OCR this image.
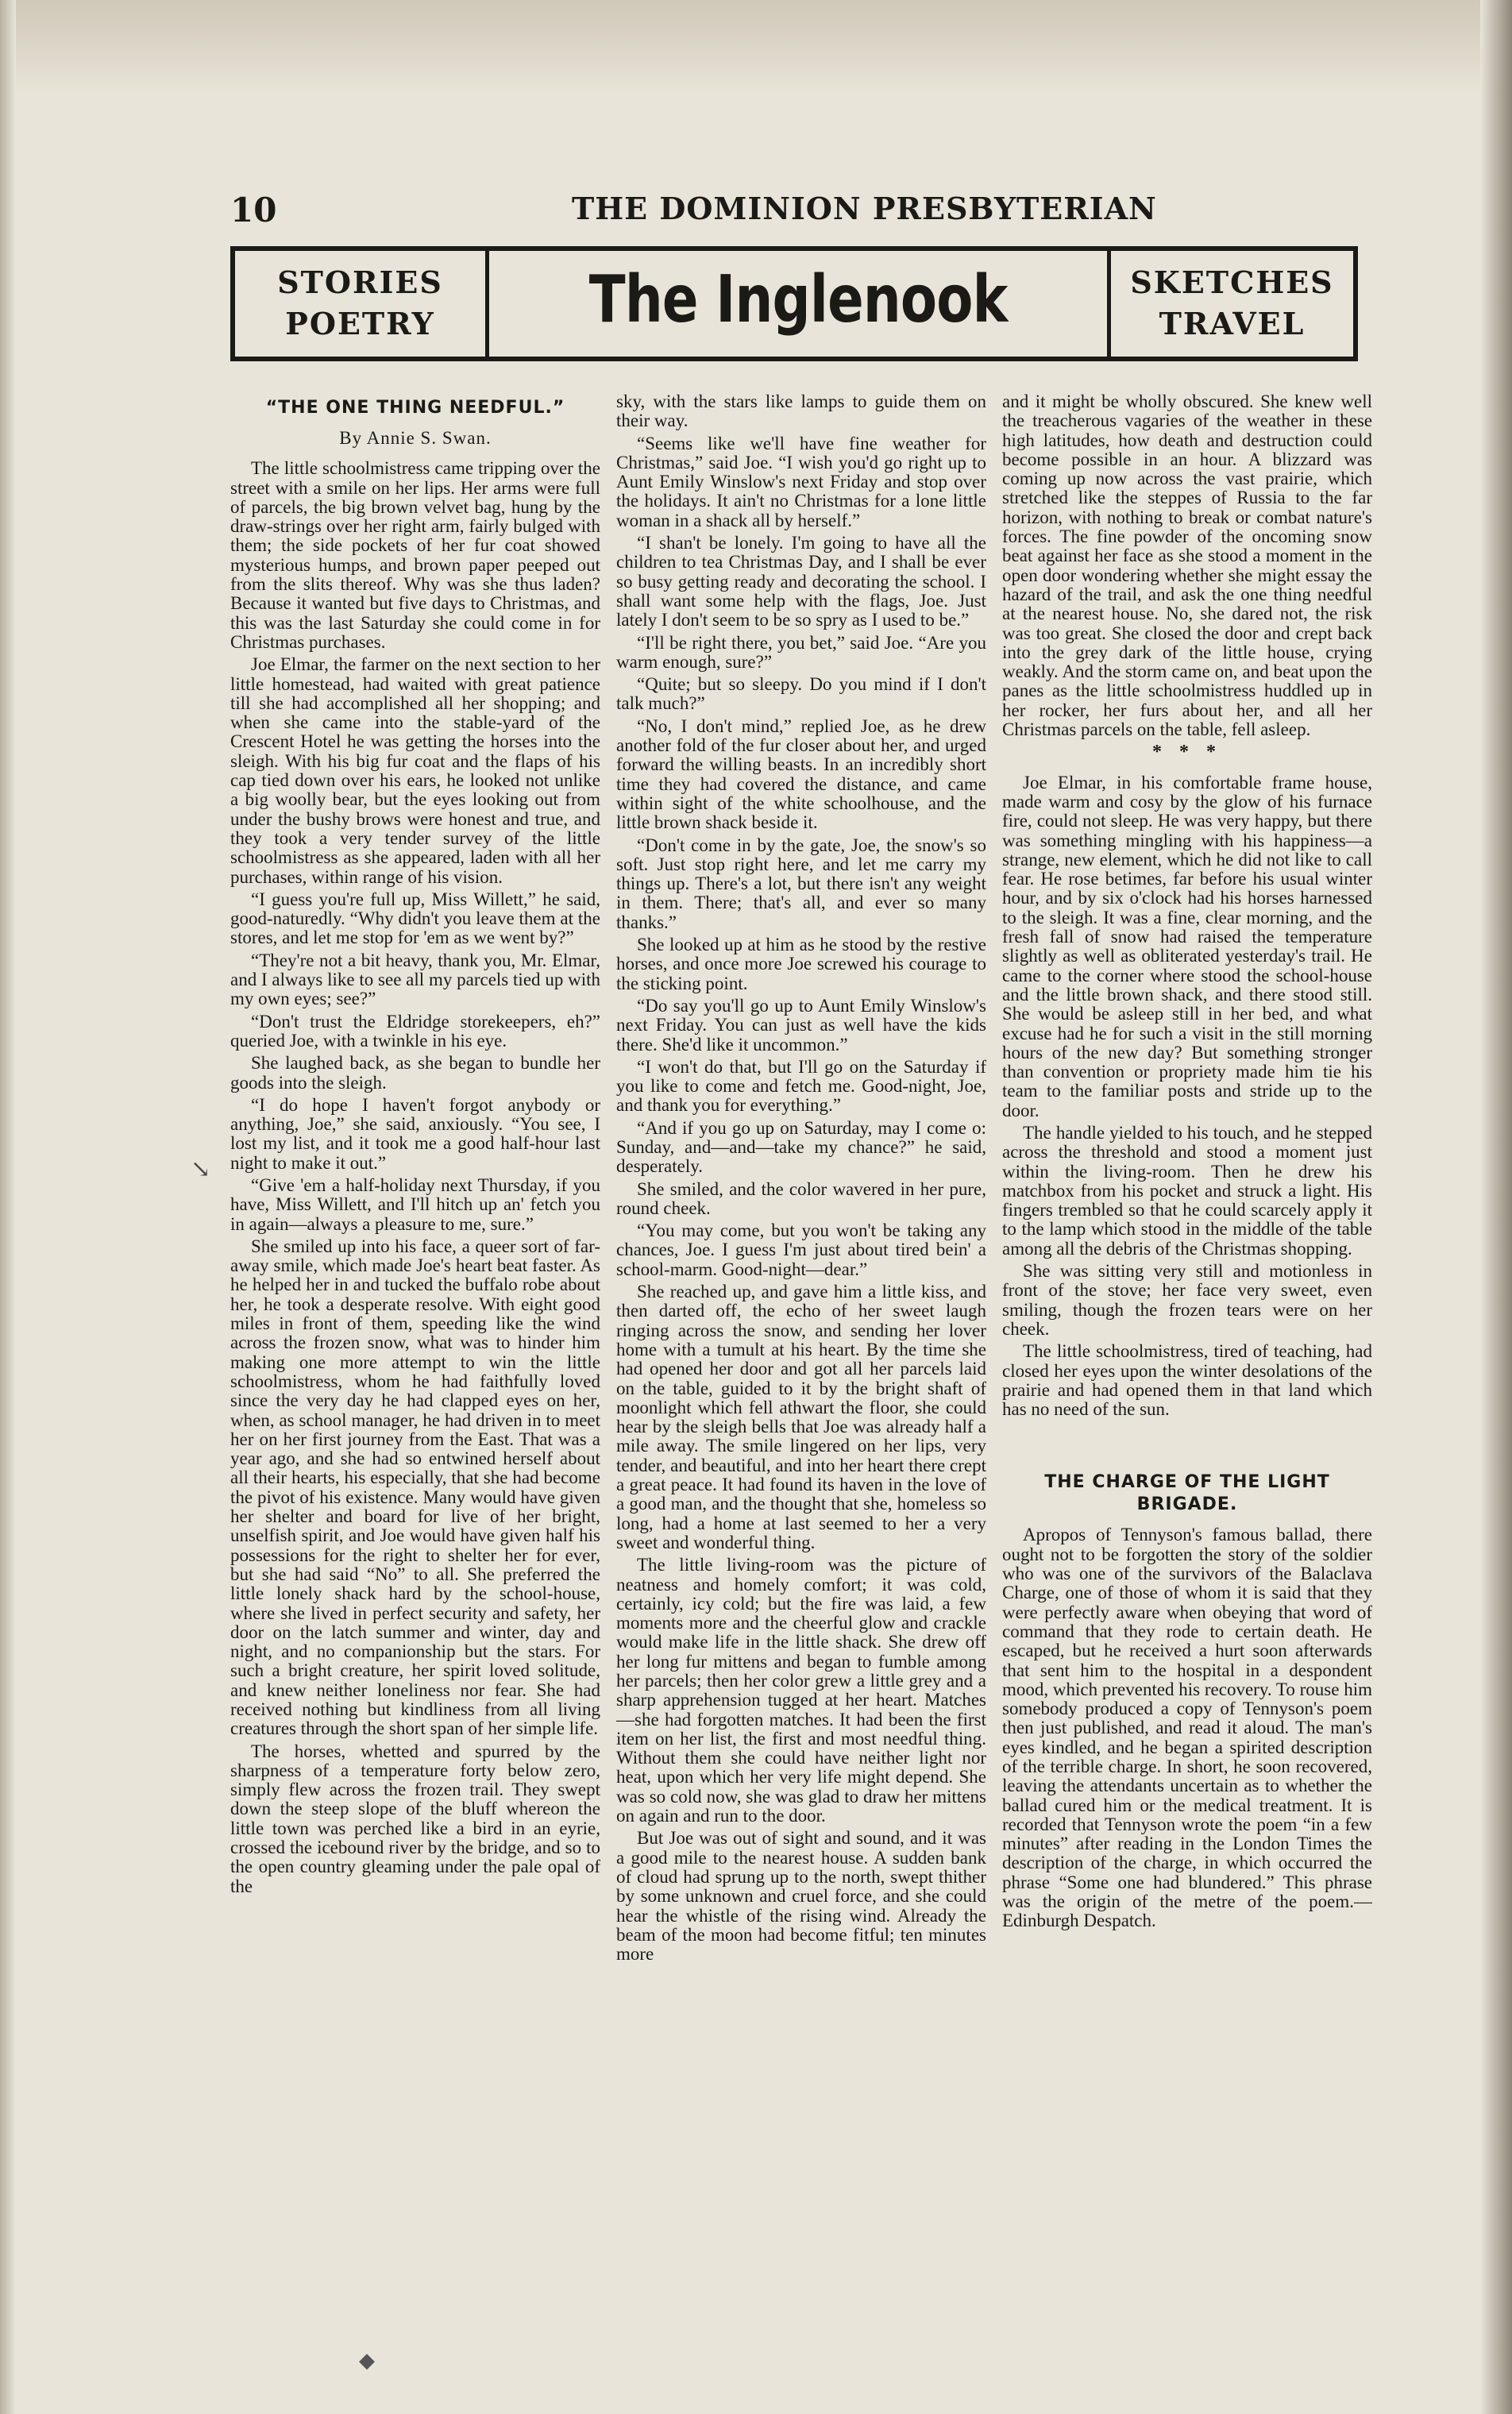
10	THE DOMINION PRESBYTERIAN
STORIES
POETRY	The Inglenook	SKETCHES
TRAVEL
“THE ONE THING NEEDFUL.”
By Annie S. Swan.

The little schoolmistress came tripping over the street with a smile on her lips. Her arms were full of parcels, the big brown velvet bag, hung by the draw-strings over her right arm, fairly bulged with them; the side pockets of her fur coat showed mysterious humps, and brown paper peeped out from the slits thereof. Why was she thus laden? Because it wanted but five days to Christmas, and this was the last Saturday she could come in for Christmas purchases.

Joe Elmar, the farmer on the next section to her little homestead, had waited with great patience till she had accomplished all her shopping; and when she came into the stable-yard of the Crescent Hotel he was getting the horses into the sleigh. With his big fur coat and the flaps of his cap tied down over his ears, he looked not unlike a big woolly bear, but the eyes looking out from under the bushy brows were honest and true, and they took a very tender survey of the little schoolmistress as she appeared, laden with all her purchases, within range of his vision.

“I guess you're full up, Miss Willett,” he said, good-naturedly. “Why didn't you leave them at the stores, and let me stop for 'em as we went by?”

“They're not a bit heavy, thank you, Mr. Elmar, and I always like to see all my parcels tied up with my own eyes; see?”

“Don't trust the Eldridge storekeepers, eh?” queried Joe, with a twinkle in his eye.

She laughed back, as she began to bundle her goods into the sleigh.

“I do hope I haven't forgot anybody or anything, Joe,” she said, anxiously. “You see, I lost my list, and it took me a good half-hour last night to make it out.”

“Give 'em a half-holiday next Thursday, if you have, Miss Willett, and I'll hitch up an' fetch you in again—always a pleasure to me, sure.”

She smiled up into his face, a queer sort of far-away smile, which made Joe's heart beat faster. As he helped her in and tucked the buffalo robe about her, he took a desperate resolve. With eight good miles in front of them, speeding like the wind across the frozen snow, what was to hinder him making one more attempt to win the little schoolmistress, whom he had faithfully loved since the very day he had clapped eyes on her, when, as school manager, he had driven in to meet her on her first journey from the East. That was a year ago, and she had so entwined herself about all their hearts, his especially, that she had become the pivot of his existence. Many would have given her shelter and board for live of her bright, unselfish spirit, and Joe would have given half his possessions for the right to shelter her for ever, but she had said “No” to all. She preferred the little lonely shack hard by the school-house, where she lived in perfect security and safety, her door on the latch summer and winter, day and night, and no companionship but the stars. For such a bright creature, her spirit loved solitude, and knew neither loneliness nor fear. She had received nothing but kindliness from all living creatures through the short span of her simple life.

The horses, whetted and spurred by the sharpness of a temperature forty below zero, simply flew across the frozen trail. They swept down the steep slope of the bluff whereon the little town was perched like a bird in an eyrie, crossed the icebound river by the bridge, and so to the open country gleaming under the pale opal of the

sky, with the stars like lamps to guide them on their way.

“Seems like we'll have fine weather for Christmas,” said Joe. “I wish you'd go right up to Aunt Emily Winslow's next Friday and stop over the holidays. It ain't no Christmas for a lone little woman in a shack all by herself.”

“I shan't be lonely. I'm going to have all the children to tea Christmas Day, and I shall be ever so busy getting ready and decorating the school. I shall want some help with the flags, Joe. Just lately I don't seem to be so spry as I used to be.”

“I'll be right there, you bet,” said Joe. “Are you warm enough, sure?”

“Quite; but so sleepy. Do you mind if I don't talk much?”

“No, I don't mind,” replied Joe, as he drew another fold of the fur closer about her, and urged forward the willing beasts. In an incredibly short time they had covered the distance, and came within sight of the white schoolhouse, and the little brown shack beside it.

“Don't come in by the gate, Joe, the snow's so soft. Just stop right here, and let me carry my things up. There's a lot, but there isn't any weight in them. There; that's all, and ever so many thanks.”

She looked up at him as he stood by the restive horses, and once more Joe screwed his courage to the sticking point.

“Do say you'll go up to Aunt Emily Winslow's next Friday. You can just as well have the kids there. She'd like it uncommon.”

“I won't do that, but I'll go on the Saturday if you like to come and fetch me. Good-night, Joe, and thank you for everything.”

“And if you go up on Saturday, may I come o: Sunday, and—and—take my chance?” he said, desperately.

She smiled, and the color wavered in her pure, round cheek.

“You may come, but you won't be taking any chances, Joe. I guess I'm just about tired bein' a school-marm. Good-night—dear.”

She reached up, and gave him a little kiss, and then darted off, the echo of her sweet laugh ringing across the snow, and sending her lover home with a tumult at his heart. By the time she had opened her door and got all her parcels laid on the table, guided to it by the bright shaft of moonlight which fell athwart the floor, she could hear by the sleigh bells that Joe was already half a mile away. The smile lingered on her lips, very tender, and beautiful, and into her heart there crept a great peace. It had found its haven in the love of a good man, and the thought that she, homeless so long, had a home at last seemed to her a very sweet and wonderful thing.

The little living-room was the picture of neatness and homely comfort; it was cold, certainly, icy cold; but the fire was laid, a few moments more and the cheerful glow and crackle would make life in the little shack. She drew off her long fur mittens and began to fumble among her parcels; then her color grew a little grey and a sharp apprehension tugged at her heart. Matches—she had forgotten matches. It had been the first item on her list, the first and most needful thing. Without them she could have neither light nor heat, upon which her very life might depend. She was so cold now, she was glad to draw her mittens on again and run to the door.

But Joe was out of sight and sound, and it was a good mile to the nearest house. A sudden bank of cloud had sprung up to the north, swept thither by some unknown and cruel force, and she could hear the whistle of the rising wind. Already the beam of the moon had become fitful; ten minutes more

and it might be wholly obscured. She knew well the treacherous vagaries of the weather in these high latitudes, how death and destruction could become possible in an hour. A blizzard was coming up now across the vast prairie, which stretched like the steppes of Russia to the far horizon, with nothing to break or combat nature's forces. The fine powder of the oncoming snow beat against her face as she stood a moment in the open door wondering whether she might essay the hazard of the trail, and ask the one thing needful at the nearest house. No, she dared not, the risk was too great. She closed the door and crept back into the grey dark of the little house, crying weakly. And the storm came on, and beat upon the panes as the little schoolmistress huddled up in her rocker, her furs about her, and all her Christmas parcels on the table, fell asleep.

* * *

Joe Elmar, in his comfortable frame house, made warm and cosy by the glow of his furnace fire, could not sleep. He was very happy, but there was something mingling with his happiness—a strange, new element, which he did not like to call fear. He rose betimes, far before his usual winter hour, and by six o'clock had his horses harnessed to the sleigh. It was a fine, clear morning, and the fresh fall of snow had raised the temperature slightly as well as obliterated yesterday's trail. He came to the corner where stood the school-house and the little brown shack, and there stood still. She would be asleep still in her bed, and what excuse had he for such a visit in the still morning hours of the new day? But something stronger than convention or propriety made him tie his team to the familiar posts and stride up to the door.

The handle yielded to his touch, and he stepped across the threshold and stood a moment just within the living-room. Then he drew his matchbox from his pocket and struck a light. His fingers trembled so that he could scarcely apply it to the lamp which stood in the middle of the table among all the debris of the Christmas shopping.

She was sitting very still and motionless in front of the stove; her face very sweet, even smiling, though the frozen tears were on her cheek.

The little schoolmistress, tired of teaching, had closed her eyes upon the winter desolations of the prairie and had opened them in that land which has no need of the sun.

THE CHARGE OF THE LIGHT BRIGADE.

Apropos of Tennyson's famous ballad, there ought not to be forgotten the story of the soldier who was one of the survivors of the Balaclava Charge, one of those of whom it is said that they were perfectly aware when obeying that word of command that they rode to certain death. He escaped, but he received a hurt soon afterwards that sent him to the hospital in a despondent mood, which prevented his recovery. To rouse him somebody produced a copy of Tennyson's poem then just published, and read it aloud. The man's eyes kindled, and he began a spirited description of the terrible charge. In short, he soon recovered, leaving the attendants uncertain as to whether the ballad cured him or the medical treatment. It is recorded that Tennyson wrote the poem “in a few minutes” after reading in the London Times the description of the charge, in which occurred the phrase “Some one had blundered.” This phrase was the origin of the metre of the poem.—Edinburgh Despatch.

↘
◆
